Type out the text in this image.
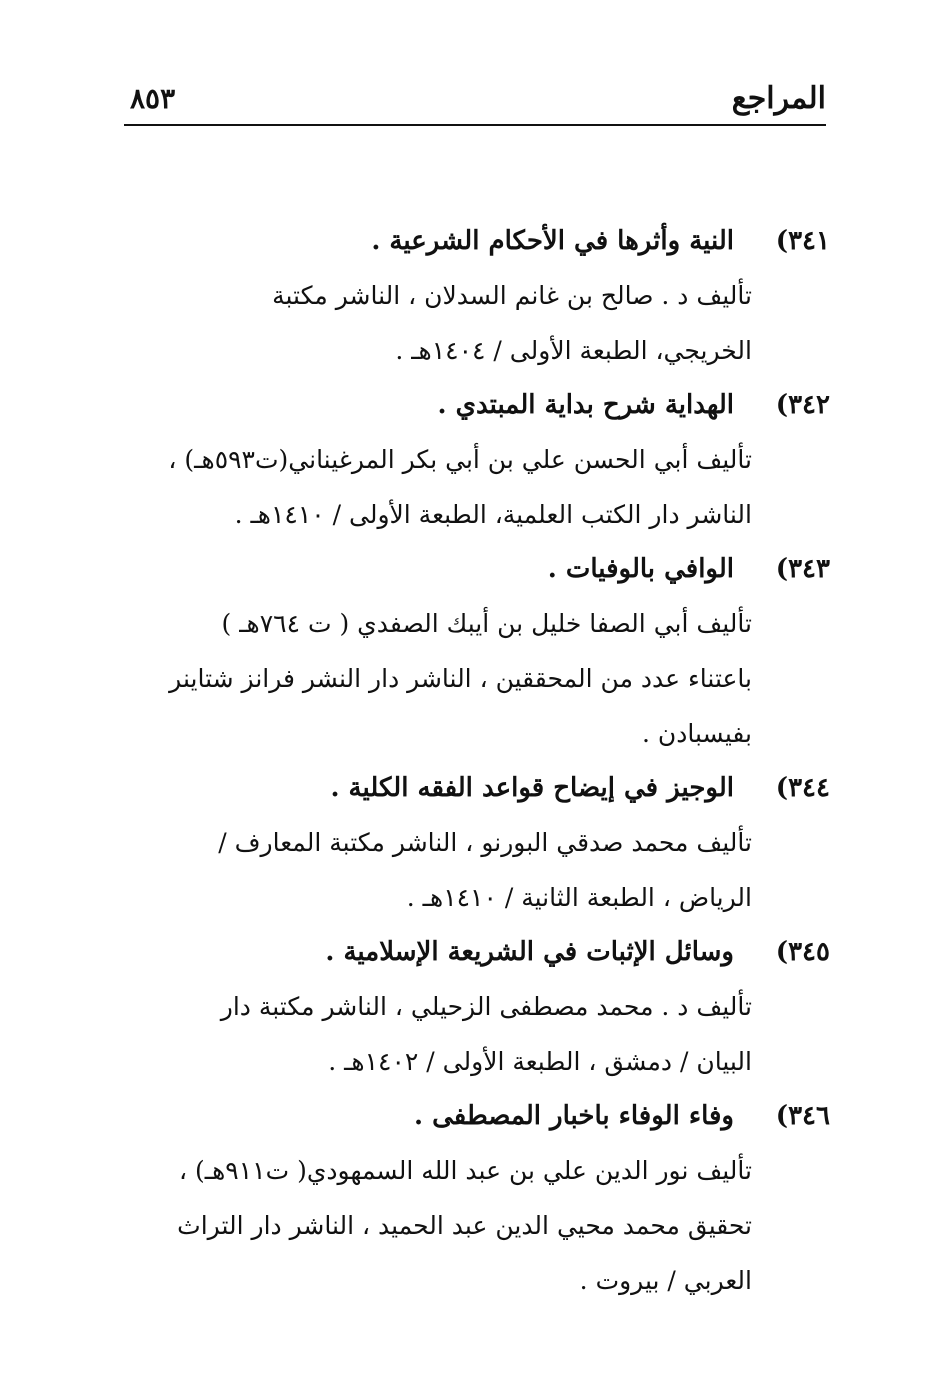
المراجع
٨٥٣
٣٤١)
النية وأثرها في الأحكام الشرعية .
تأليف د . صالح بن غانم السدلان ، الناشر مكتبة
الخريجي، الطبعة الأولى / ١٤٠٤هـ .
٣٤٢)
الهداية شرح بداية المبتدي .
تأليف أبي الحسن علي بن أبي بكر المرغيناني(ت٥٩٣هـ) ،
الناشر دار الكتب العلمية، الطبعة الأولى / ١٤١٠هـ .
٣٤٣)
الوافي بالوفيات .
تأليف أبي الصفا خليل بن أيبك الصفدي ( ت ٧٦٤هـ )
باعتناء عدد من المحققين ، الناشر دار النشر فرانز شتاينر
بفيسبادن .
٣٤٤)
الوجيز في إيضاح قواعد الفقه الكلية .
تأليف محمد صدقي البورنو ، الناشر مكتبة المعارف /
الرياض ، الطبعة الثانية / ١٤١٠هـ .
٣٤٥)
وسائل الإثبات في الشريعة الإسلامية .
تأليف د . محمد مصطفى الزحيلي ، الناشر مكتبة دار
البيان / دمشق ، الطبعة الأولى / ١٤٠٢هـ .
٣٤٦)
وفاء الوفاء باخبار المصطفى .
تأليف نور الدين علي بن عبد الله السمهودي( ت٩١١هـ) ،
تحقيق محمد محيي الدين عبد الحميد ، الناشر دار التراث
العربي / بيروت .
